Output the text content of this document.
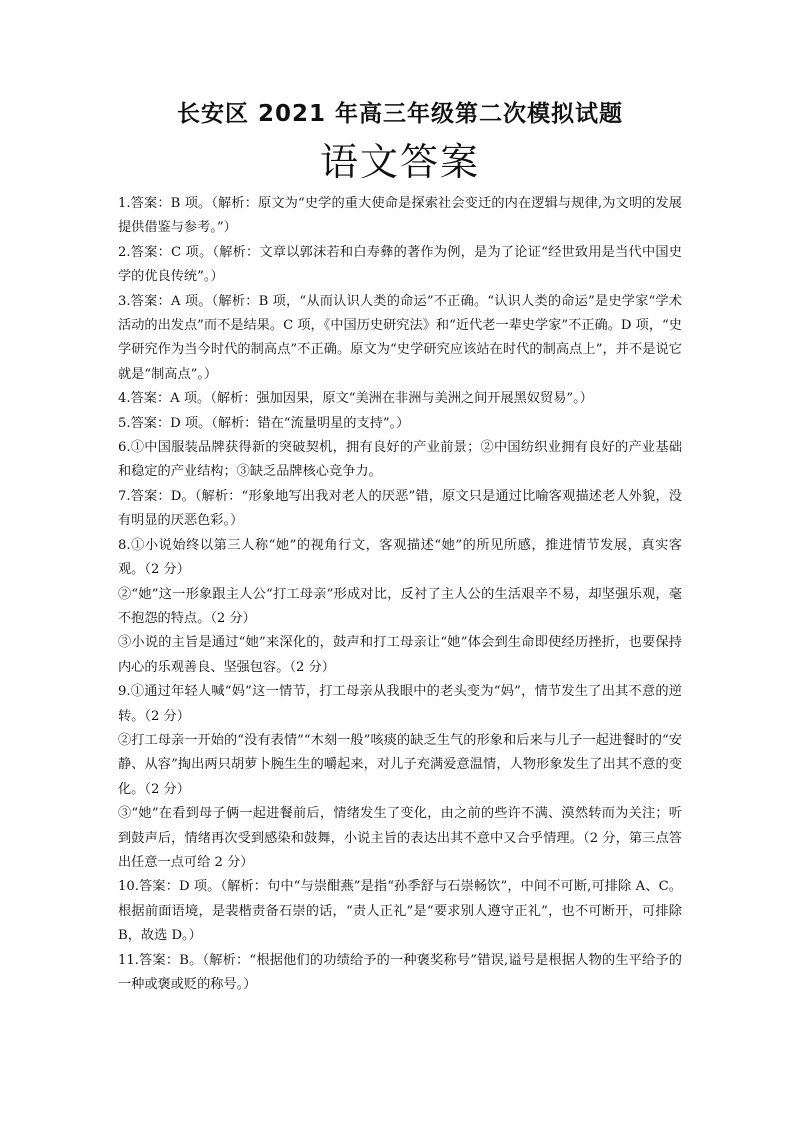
长安区 2021 年高三年级第二次模拟试题
语文答案

1.答案：B 项。（解析：原文为“史学的重大使命是探索社会变迁的内在逻辑与规律,为文明的发展提供借鉴与参考。”）

2.答案：C 项。（解析：文章以郭沫若和白寿彝的著作为例，是为了论证“经世致用是当代中国史学的优良传统”。）

3.答案：A 项。（解析：B 项，“从而认识人类的命运”不正确。“认识人类的命运”是史学家“学术活动的出发点”而不是结果。C 项，《中国历史研究法》和“近代老一辈史学家”不正确。D 项，“史学研究作为当今时代的制高点”不正确。原文为“史学研究应该站在时代的制高点上”，并不是说它就是“制高点”。）

4.答案：A 项。（解析：强加因果，原文“美洲在非洲与美洲之间开展黑奴贸易”。）

5.答案：D 项。（解析：错在“流量明星的支持”。）

6.①中国服装品牌获得新的突破契机，拥有良好的产业前景；②中国纺织业拥有良好的产业基础和稳定的产业结构；③缺乏品牌核心竞争力。

7.答案：D。（解析：“形象地写出我对老人的厌恶”错，原文只是通过比喻客观描述老人外貌，没有明显的厌恶色彩。）

8.①小说始终以第三人称“她”的视角行文，客观描述“她”的所见所感，推进情节发展，真实客观。（2 分）

②“她”这一形象跟主人公“打工母亲”形成对比，反衬了主人公的生活艰辛不易，却坚强乐观，毫不抱怨的特点。（2 分）

③小说的主旨是通过“她”来深化的，鼓声和打工母亲让“她”体会到生命即使经历挫折，也要保持内心的乐观善良、坚强包容。（2 分）

9.①通过年轻人喊“妈”这一情节，打工母亲从我眼中的老头变为“妈”，情节发生了出其不意的逆转。（2 分）

②打工母亲一开始的“没有表情”“木刻一般”咳痰的缺乏生气的形象和后来与儿子一起进餐时的“安静、从容”掏出两只胡萝卜腕生生的嚼起来，对儿子充满爱意温情，人物形象发生了出其不意的变化。（2 分）

③“她”在看到母子俩一起进餐前后，情绪发生了变化，由之前的些许不满、漠然转而为关注；听到鼓声后，情绪再次受到感染和鼓舞，小说主旨的表达出其不意中又合乎情理。（2 分，第三点答出任意一点可给 2 分）

10.答案：D 项。（解析：句中“与崇酣燕”是指“孙季舒与石崇畅饮”，中间不可断,可排除 A、C。根据前面语境，是裴楷责备石崇的话，“责人正礼”是“要求别人遵守正礼”，也不可断开，可排除 B，故选 D。）

11.答案：B。（解析：“根据他们的功绩给予的一种褒奖称号”错误,谥号是根据人物的生平给予的一种或褒或贬的称号。）
